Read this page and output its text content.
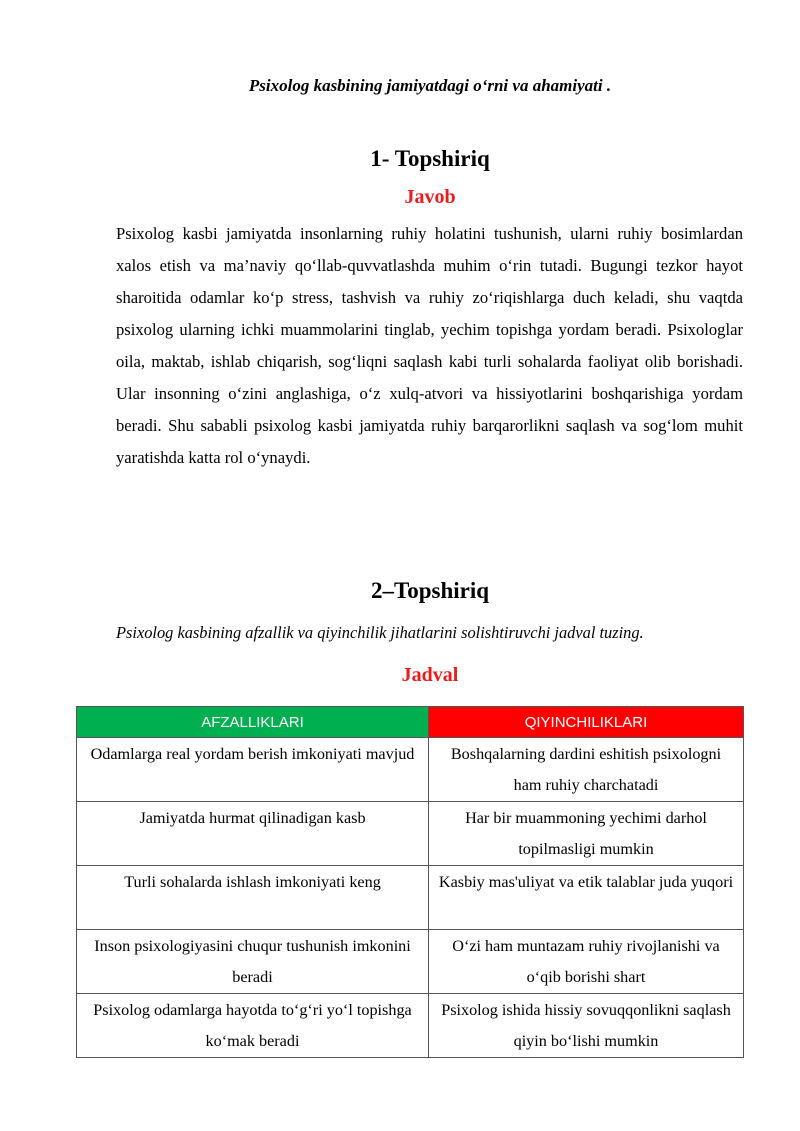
Psixolog kasbining jamiyatdagi o‘rni va ahamiyati .
1- Topshiriq
Javob

Psixolog kasbi jamiyatda insonlarning ruhiy holatini tushunish, ularni ruhiy bosimlardan xalos etish va ma’naviy qo‘llab-quvvatlashda muhim o‘rin tutadi. Bugungi tezkor hayot sharoitida odamlar ko‘p stress, tashvish va ruhiy zo‘riqishlarga duch keladi, shu vaqtda psixolog ularning ichki muammolarini tinglab, yechim topishga yordam beradi. Psixologlar oila, maktab, ishlab chiqarish, sog‘liqni saqlash kabi turli sohalarda faoliyat olib borishadi. Ular insonning o‘zini anglashiga, o‘z xulq-atvori va hissiyotlarini boshqarishiga yordam beradi. Shu sababli psixolog kasbi jamiyatda ruhiy barqarorlikni saqlash va sog‘lom muhit yaratishda katta rol o‘ynaydi.

2–Topshiriq

Psixolog kasbining afzallik va qiyinchilik jihatlarini solishtiruvchi jadval tuzing.

Jadval
AFZALLIKLARI	QIYINCHILIKLARI
Odamlarga real yordam berish imkoniyati mavjud	Boshqalarning dardini eshitish psixologni ham ruhiy charchatadi
Jamiyatda hurmat qilinadigan kasb	Har bir muammoning yechimi darhol topilmasligi mumkin
Turli sohalarda ishlash imkoniyati keng	Kasbiy mas'uliyat va etik talablar juda yuqori
Inson psixologiyasini chuqur tushunish imkonini beradi	O‘zi ham muntazam ruhiy rivojlanishi va o‘qib borishi shart
Psixolog odamlarga hayotda to‘g‘ri yo‘l topishga ko‘mak beradi	Psixolog ishida hissiy sovuqqonlikni saqlash qiyin bo‘lishi mumkin
